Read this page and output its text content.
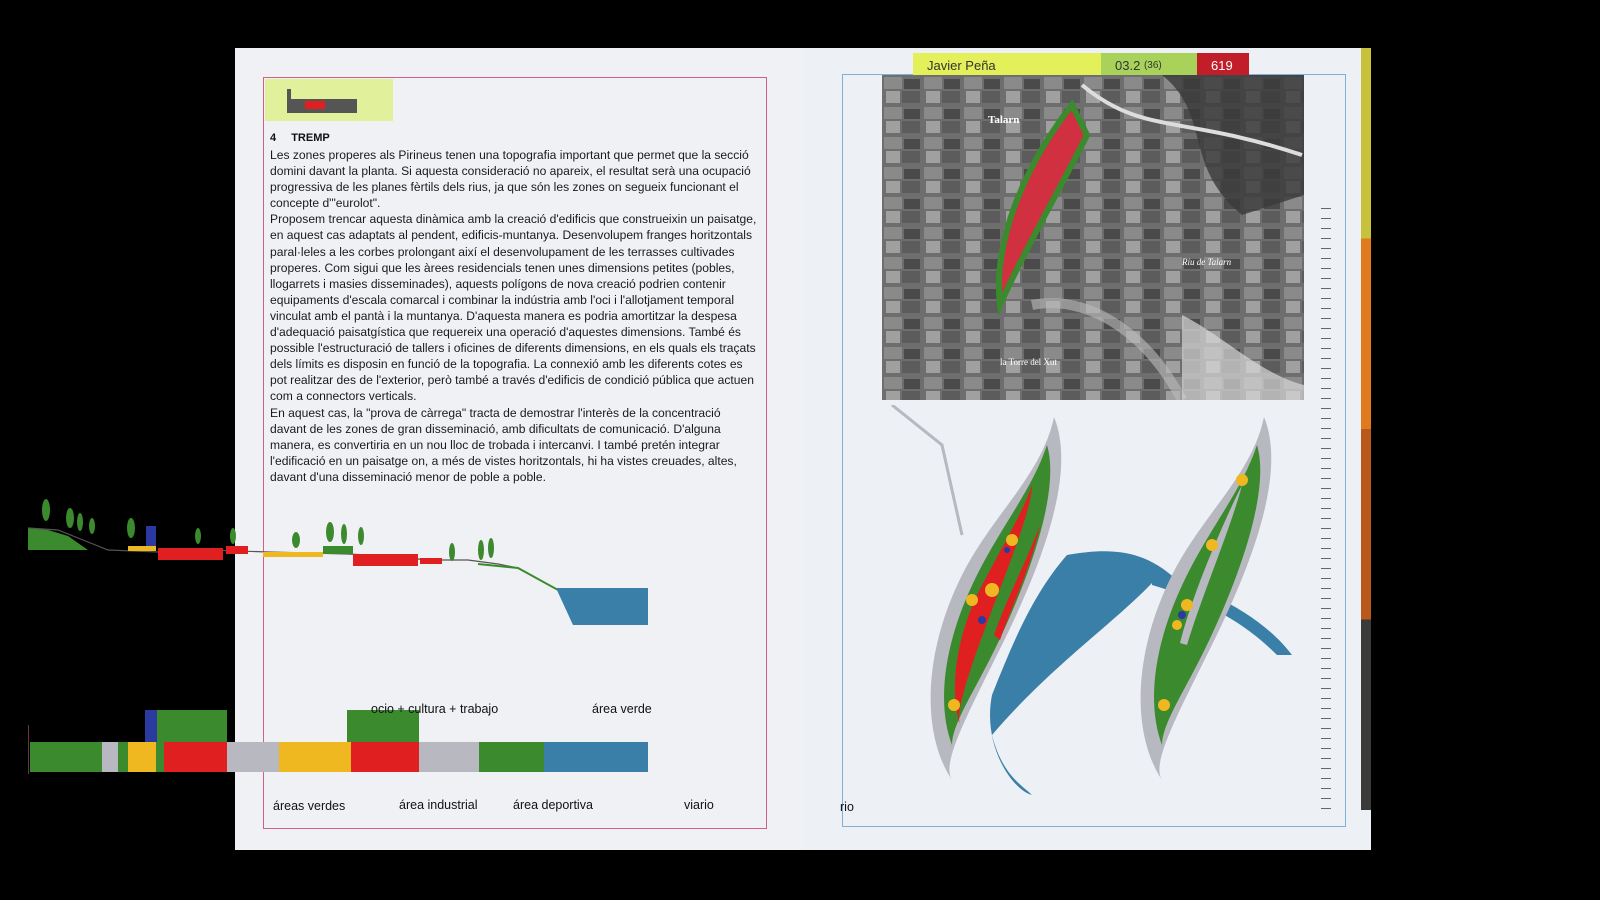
4 TREMP

Les zones properes als Pirineus tenen una topografia important que permet que la secció domini davant la planta. Si aquesta consideració no apareix, el resultat serà una ocupació progressiva de les planes fèrtils dels rius, ja que són les zones on segueix funcionant el concepte d'"eurolot".

Proposem trencar aquesta dinàmica amb la creació d'edificis que construeixin un paisatge, en aquest cas adaptats al pendent, edificis-muntanya. Desenvolupem franges horitzontals paral·leles a les corbes prolongant així el desenvolupament de les terrasses cultivades properes. Com sigui que les àrees residencials tenen unes dimensions petites (pobles, llogarrets i masies disseminades), aquests polígons de nova creació podrien contenir equipaments d'escala comarcal i combinar la indústria amb l'oci i l'allotjament temporal vinculat amb el pantà i la muntanya. D'aquesta manera es podria amortitzar la despesa d'adequació paisatgística que requereix una operació d'aquestes dimensions. També és possible l'estructuració de tallers i oficines de diferents dimensions, en els quals els traçats dels límits es disposin en funció de la topografia. La connexió amb les diferents cotes es pot realitzar des de l'exterior, però també a través d'edificis de condició pública que actuen com a connectors verticals.

En aquest cas, la "prova de càrrega" tracta de demostrar l'interès de la concentració davant de les zones de gran disseminació, amb dificultats de comunicació. D'alguna manera, es convertiria en un nou lloc de trobada i intercanvi. I també pretén integrar l'edificació en un paisatge on, a més de vistes horitzontals, hi ha vistes creuades, altes, davant d'una disseminació menor de poble a poble.

Javier Peña	03.2
(36)	619
ocio + cultura + trabajo	área verde
áreas verdes	área industrial	área deportiva	viario	rio
Talarn
la Torre del Xut
Riu de Talarn
